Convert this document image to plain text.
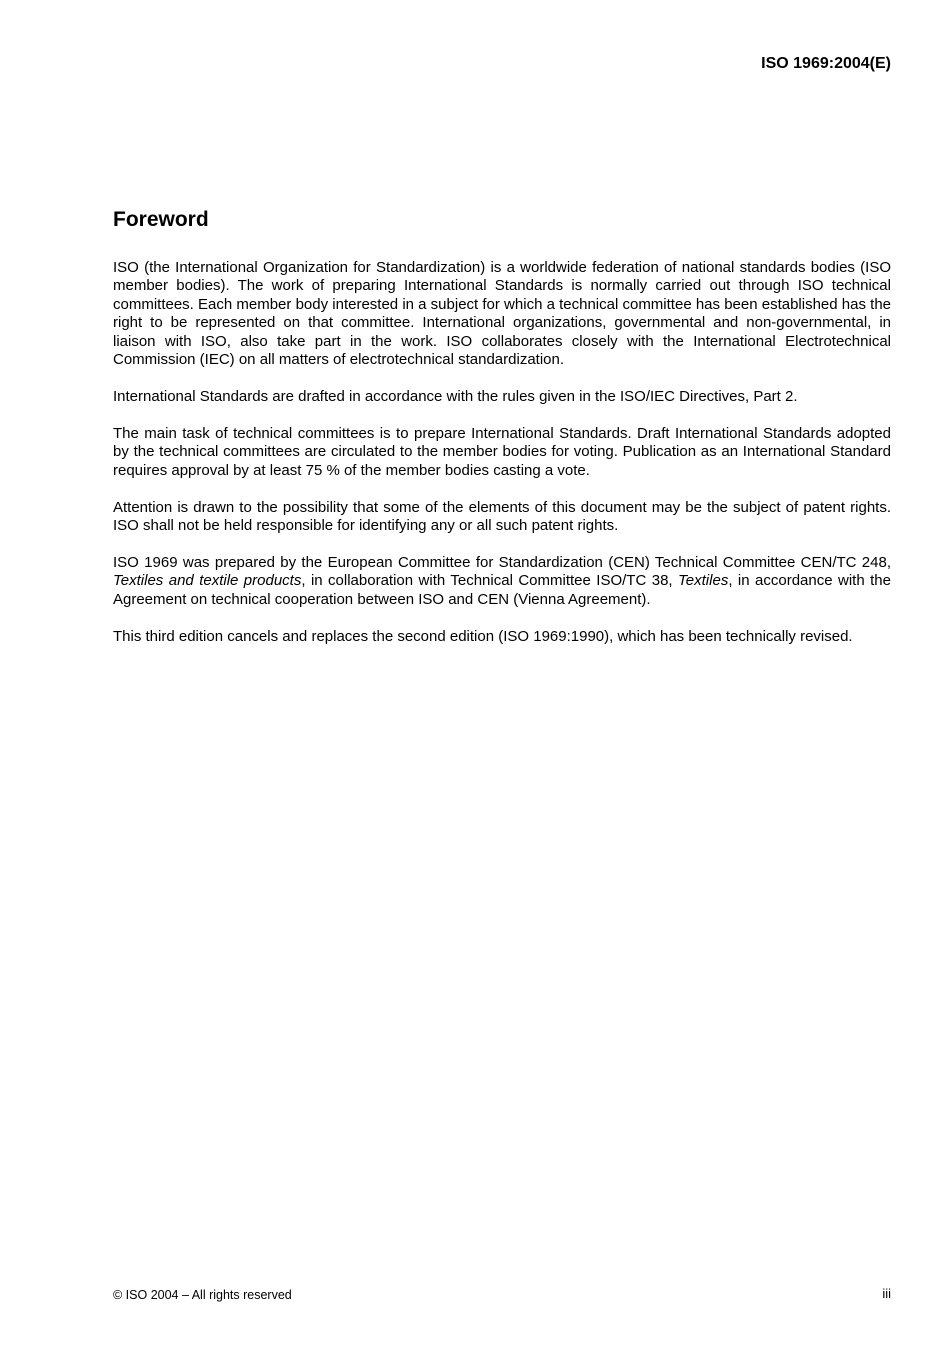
ISO 1969:2004(E)
Foreword

ISO (the International Organization for Standardization) is a worldwide federation of national standards bodies (ISO member bodies). The work of preparing International Standards is normally carried out through ISO technical committees. Each member body interested in a subject for which a technical committee has been established has the right to be represented on that committee. International organizations, governmental and non-governmental, in liaison with ISO, also take part in the work. ISO collaborates closely with the International Electrotechnical Commission (IEC) on all matters of electrotechnical standardization.

International Standards are drafted in accordance with the rules given in the ISO/IEC Directives, Part 2.

The main task of technical committees is to prepare International Standards. Draft International Standards adopted by the technical committees are circulated to the member bodies for voting. Publication as an International Standard requires approval by at least 75 % of the member bodies casting a vote.

Attention is drawn to the possibility that some of the elements of this document may be the subject of patent rights. ISO shall not be held responsible for identifying any or all such patent rights.

ISO 1969 was prepared by the European Committee for Standardization (CEN) Technical Committee CEN/TC 248, Textiles and textile products, in collaboration with Technical Committee ISO/TC 38, Textiles, in accordance with the Agreement on technical cooperation between ISO and CEN (Vienna Agreement).

This third edition cancels and replaces the second edition (ISO 1969:1990), which has been technically revised.

© ISO 2004 – All rights reserved	iii
